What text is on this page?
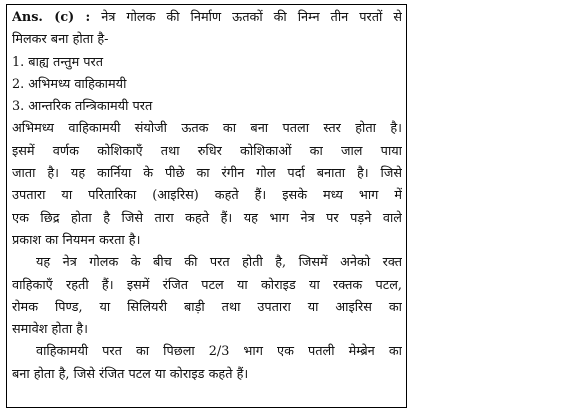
Ans. (c) : नेत्र गोलक की निर्माण ऊतकों की निम्न तीन परतों से
मिलकर बना होता है-
1. बाह्य तन्तुम परत
2. अभिमध्य वाहिकामयी
3. आन्तरिक तन्त्रिकामयी परत
अभिमध्य वाहिकामयी संयोजी ऊतक का बना पतला स्तर होता है।
इसमें वर्णक कोशिकाएँ तथा रुधिर कोशिकाओं का जाल पाया
जाता है। यह कार्निया के पीछे का रंगीन गोल पर्दा बनाता है। जिसे
उपतारा या परितारिका (आइरिस) कहते हैं। इसके मध्य भाग में
एक छिद्र होता है जिसे तारा कहते हैं। यह भाग नेत्र पर पड़ने वाले
प्रकाश का नियमन करता है।
यह नेत्र गोलक के बीच की परत होती है, जिसमें अनेको रक्त
वाहिकाएँ रहती हैं। इसमें रंजित पटल या कोराइड या रक्तक पटल,
रोमक पिण्ड, या सिलियरी बाड़ी तथा उपतारा या आइरिस का
समावेश होता है।
वाहिकामयी परत का पिछला 2/3 भाग एक पतली मेम्ब्रेन का
बना होता है, जिसे रंजित पटल या कोराइड कहते हैं।
